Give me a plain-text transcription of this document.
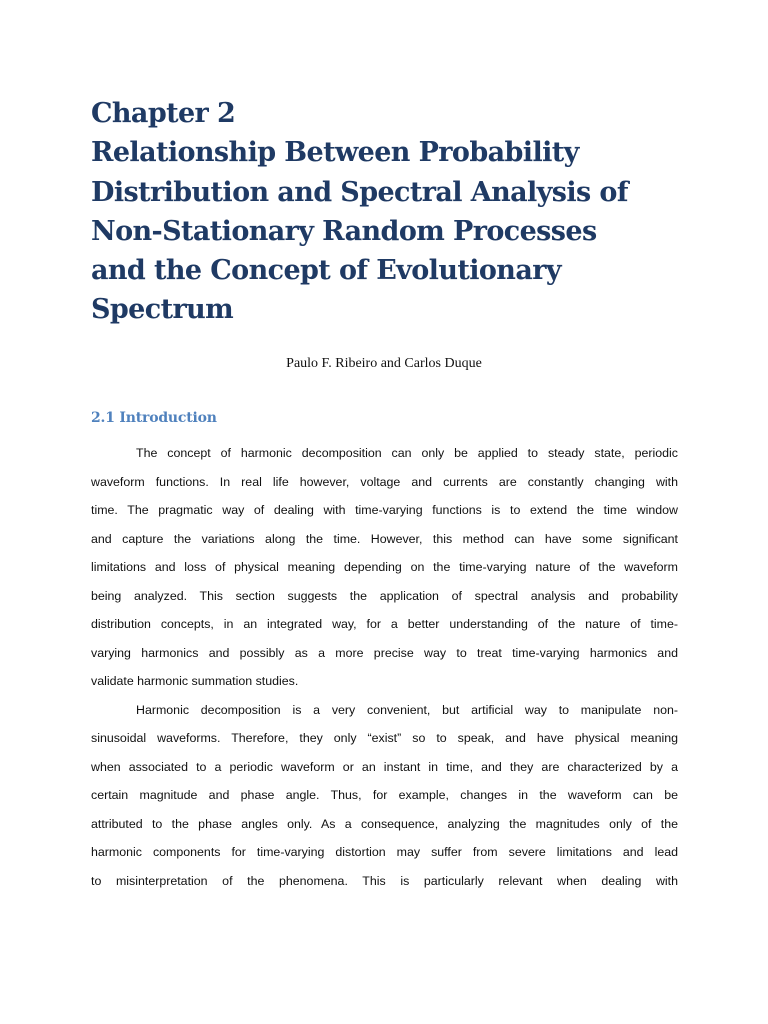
Chapter 2
Relationship Between Probability
Distribution and Spectral Analysis of
Non-Stationary Random Processes
and the Concept of Evolutionary
Spectrum
Paulo F. Ribeiro and Carlos Duque
2.1 Introduction
The concept of harmonic decomposition can only be applied to steady state, periodic
waveform functions. In real life however, voltage and currents are constantly changing with
time. The pragmatic way of dealing with time-varying functions is to extend the time window
and capture the variations along the time. However, this method can have some significant
limitations and loss of physical meaning depending on the time-varying nature of the waveform
being analyzed. This section suggests the application of spectral analysis and probability
distribution concepts, in an integrated way, for a better understanding of the nature of time-
varying harmonics and possibly as a more precise way to treat time-varying harmonics and
validate harmonic summation studies.
Harmonic decomposition is a very convenient, but artificial way to manipulate non-
sinusoidal waveforms. Therefore, they only “exist” so to speak, and have physical meaning
when associated to a periodic waveform or an instant in time, and they are characterized by a
certain magnitude and phase angle. Thus, for example, changes in the waveform can be
attributed to the phase angles only. As a consequence, analyzing the magnitudes only of the
harmonic components for time-varying distortion may suffer from severe limitations and lead
to misinterpretation of the phenomena. This is particularly relevant when dealing with
